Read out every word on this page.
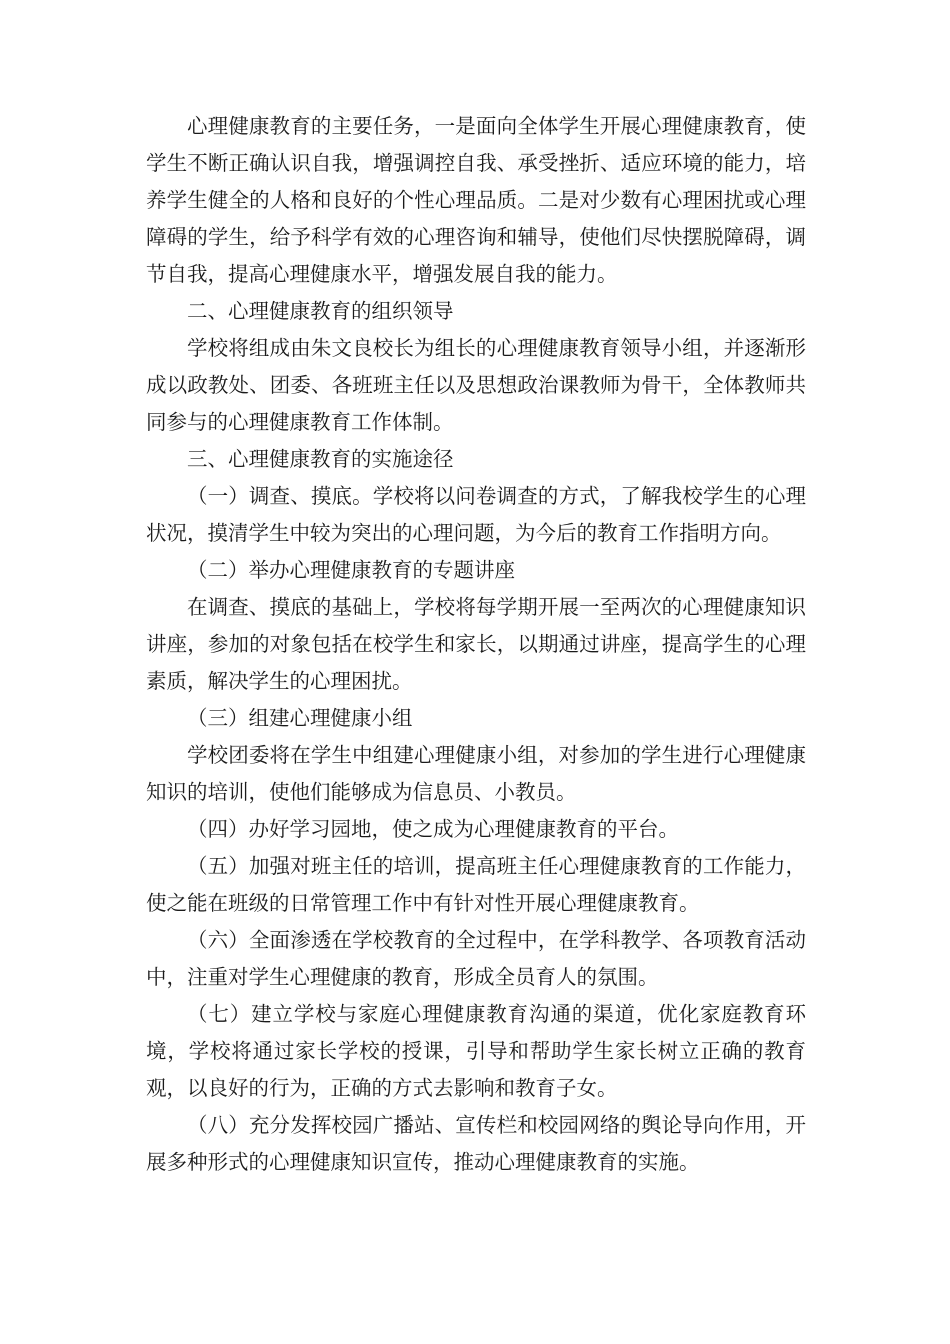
心理健康教育的主要任务，一是面向全体学生开展心理健康教育，使学生不断正确认识自我，增强调控自我、承受挫折、适应环境的能力，培养学生健全的人格和良好的个性心理品质。二是对少数有心理困扰或心理障碍的学生，给予科学有效的心理咨询和辅导，使他们尽快摆脱障碍，调节自我，提高心理健康水平，增强发展自我的能力。

二、心理健康教育的组织领导

学校将组成由朱文良校长为组长的心理健康教育领导小组，并逐渐形成以政教处、团委、各班班主任以及思想政治课教师为骨干，全体教师共同参与的心理健康教育工作体制。

三、心理健康教育的实施途径

（一）调查、摸底。学校将以问卷调查的方式，了解我校学生的心理状况，摸清学生中较为突出的心理问题，为今后的教育工作指明方向。

（二）举办心理健康教育的专题讲座

在调查、摸底的基础上，学校将每学期开展一至两次的心理健康知识讲座，参加的对象包括在校学生和家长，以期通过讲座，提高学生的心理素质，解决学生的心理困扰。

（三）组建心理健康小组

学校团委将在学生中组建心理健康小组，对参加的学生进行心理健康知识的培训，使他们能够成为信息员、小教员。

（四）办好学习园地，使之成为心理健康教育的平台。

（五）加强对班主任的培训，提高班主任心理健康教育的工作能力，使之能在班级的日常管理工作中有针对性开展心理健康教育。

（六）全面渗透在学校教育的全过程中，在学科教学、各项教育活动中，注重对学生心理健康的教育，形成全员育人的氛围。

（七）建立学校与家庭心理健康教育沟通的渠道，优化家庭教育环境，学校将通过家长学校的授课，引导和帮助学生家长树立正确的教育观，以良好的行为，正确的方式去影响和教育子女。

（八）充分发挥校园广播站、宣传栏和校园网络的舆论导向作用，开展多种形式的心理健康知识宣传，推动心理健康教育的实施。
